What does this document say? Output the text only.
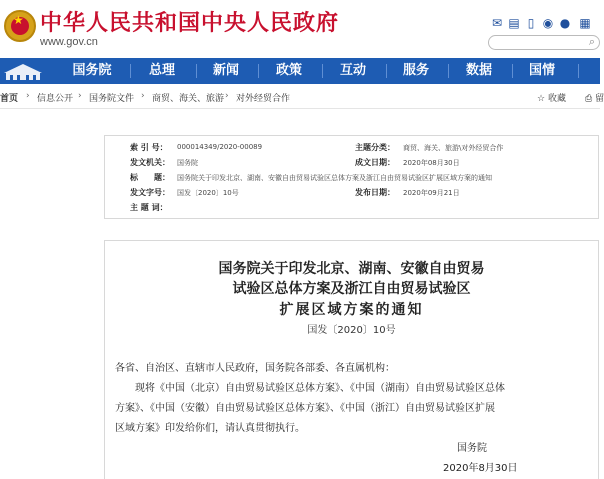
★ 中华人民共和国中央人民政府
www.gov.cn
✉ ▤ ▯ ◉ ● ▦
⌕
国务院	总理	新闻	政策	互动	服务	数据	国情
首页 › 信息公开 › 国务院文件 › 商贸、海关、旅游 › 对外经贸合作	☆ 收藏 ⎙ 留
索 引 号： 000014349/2020-00089	主题分类： 商贸、海关、旅游\对外经贸合作
发文机关： 国务院	成文日期： 2020年08月30日
标　　题： 国务院关于印发北京、湖南、安徽自由贸易试验区总体方案及浙江自由贸易试验区扩展区域方案的通知
发文字号： 国发〔2020〕10号	发布日期： 2020年09月21日
主 题 词：
国务院关于印发北京、湖南、安徽自由贸易
试验区总体方案及浙江自由贸易试验区
扩展区域方案的通知
国发〔2020〕10号
各省、自治区、直辖市人民政府，国务院各部委、各直属机构：
现将《中国（北京）自由贸易试验区总体方案》、《中国（湖南）自由贸易试验区总体
方案》、《中国（安徽）自由贸易试验区总体方案》、《中国（浙江）自由贸易试验区扩展
区域方案》印发给你们，请认真贯彻执行。
国务院
2020年8月30日
